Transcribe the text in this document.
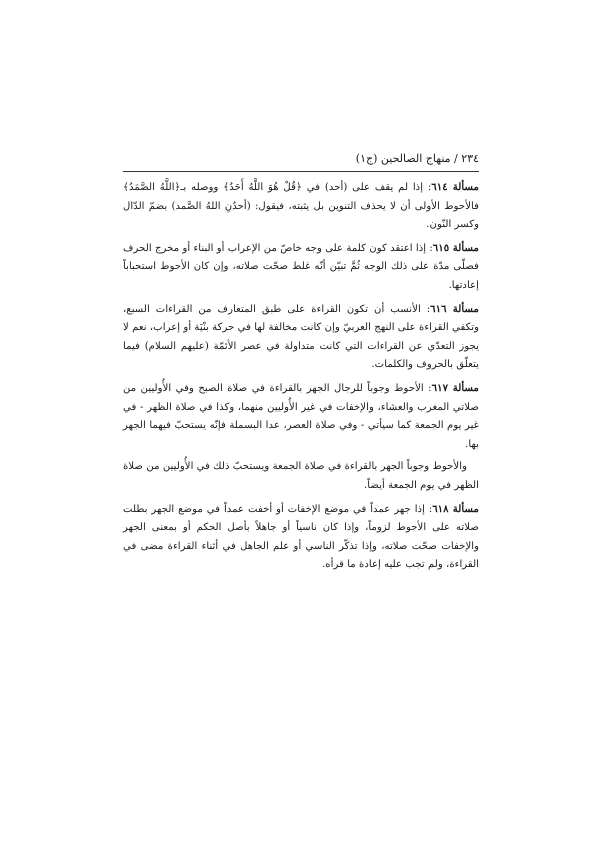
٢٣٤ / منهاج الصالحين (ج١)

مسألة ٦١٤: إذا لم يقف على (أحد) في ﴿قُلْ هُوَ اللَّهُ أَحَدٌ﴾ ووصله بـ﴿اللَّهُ الصَّمَدُ﴾ فالأحوط الأولى أن لا يحذف التنوين بل يثبته، فيقول: (أحدُنِ اللهُ الصَّمد) بضمّ الدّال وكسر النّون.

مسألة ٦١٥: إذا اعتقد كون كلمة على وجه خاصّ من الإعراب أو البناء أو مخرج الحرف فصلّى مدّة على ذلك الوجه ثُمَّ تبيّن أنّه غلط صحّت صلاته، وإن كان الأحوط استحباباً إعادتها.

مسألة ٦١٦: الأنسب أن تكون القراءة على طبق المتعارف من القراءات السبع، وتكفي القراءة على النهج العربيّ وإن كانت مخالفة لها في حركة بنْيَة أو إعراب، نعم لا يجوز التعدّي عن القراءات التي كانت متداولة في عصر الأئمّة (عليهم السلام) فيما يتعلّق بالحروف والكلمات.

مسألة ٦١٧: الأحوط وجوباً للرجال الجهر بالقراءة في صلاة الصبح وفي الأُوليين من صلاتي المغرب والعشاء، والإخفات في غير الأُوليين منهما، وكذا في صلاة الظهر - في غير يوم الجمعة كما سيأتي - وفي صلاة العصر، عدا البسملة فإنّه يستحبّ فيهما الجهر بها.

والأحوط وجوباً الجهر بالقراءة في صلاة الجمعة ويستحبّ ذلك في الأُوليين من صلاة الظهر في يوم الجمعة أيضاً.

مسألة ٦١٨: إذا جهر عمداً في موضع الإخفات أو أخفت عمداً في موضع الجهر بطلت صلاته على الأحوط لزوماً، وإذا كان ناسياً أو جاهلاً بأصل الحكم أو بمعنى الجهر والإخفات صحّت صلاته، وإذا تذكّر الناسي أو علم الجاهل في أثناء القراءة مضى في القراءة، ولم تجب عليه إعادة ما قرأه.
